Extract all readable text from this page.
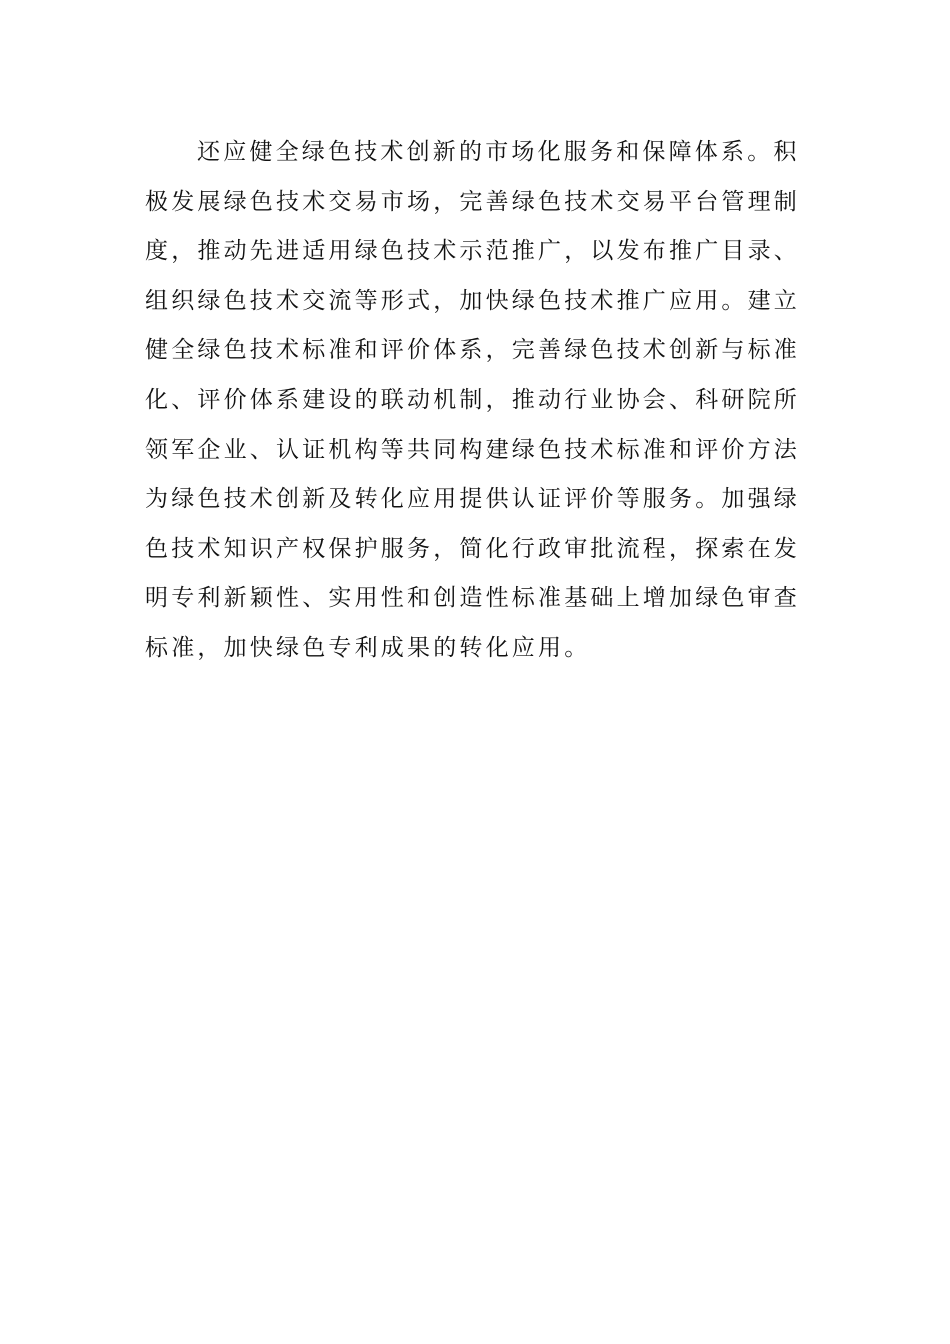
还应健全绿色技术创新的市场化服务和保障体系。积
极发展绿色技术交易市场，完善绿色技术交易平台管理制
度，推动先进适用绿色技术示范推广，以发布推广目录、
组织绿色技术交流等形式，加快绿色技术推广应用。建立
健全绿色技术标准和评价体系，完善绿色技术创新与标准
化、评价体系建设的联动机制，推动行业协会、科研院所
领军企业、认证机构等共同构建绿色技术标准和评价方法
为绿色技术创新及转化应用提供认证评价等服务。加强绿
色技术知识产权保护服务，简化行政审批流程，探索在发
明专利新颖性、实用性和创造性标准基础上增加绿色审查
标准，加快绿色专利成果的转化应用。
